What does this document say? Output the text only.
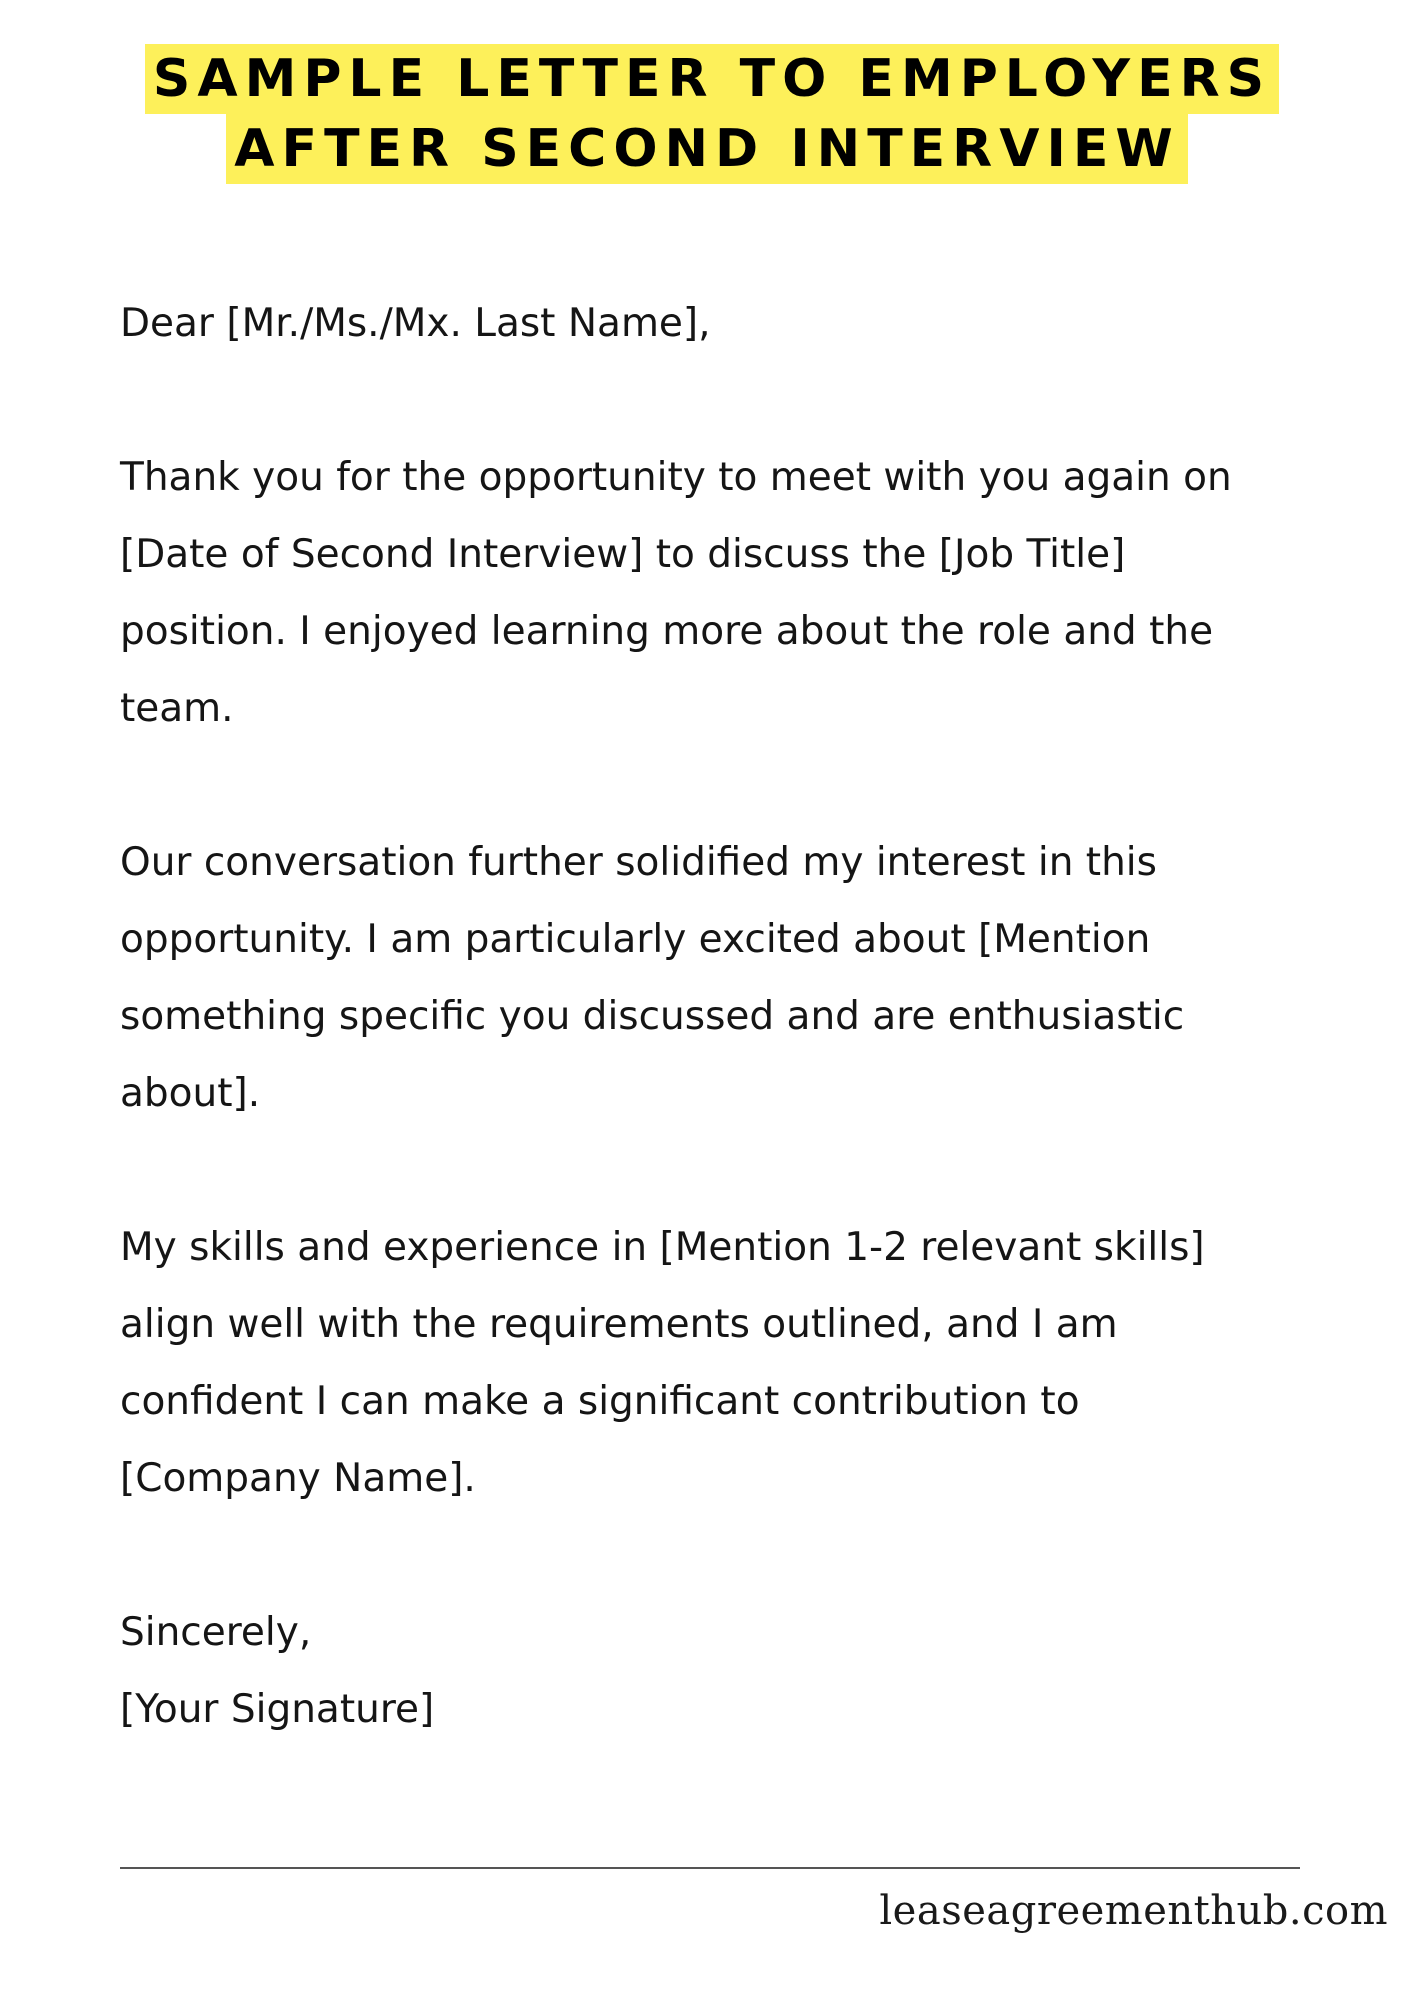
SAMPLE LETTER TO EMPLOYERS
AFTER SECOND INTERVIEW

Dear [Mr./Ms./Mx. Last Name],

Thank you for the opportunity to meet with you again on
[Date of Second Interview] to discuss the [Job Title]
position. I enjoyed learning more about the role and the
team.

Our conversation further solidified my interest in this
opportunity. I am particularly excited about [Mention
something specific you discussed and are enthusiastic
about].

My skills and experience in [Mention 1-2 relevant skills]
align well with the requirements outlined, and I am
confident I can make a significant contribution to
[Company Name].

Sincerely,
[Your Signature]

leaseagreementhub.com
